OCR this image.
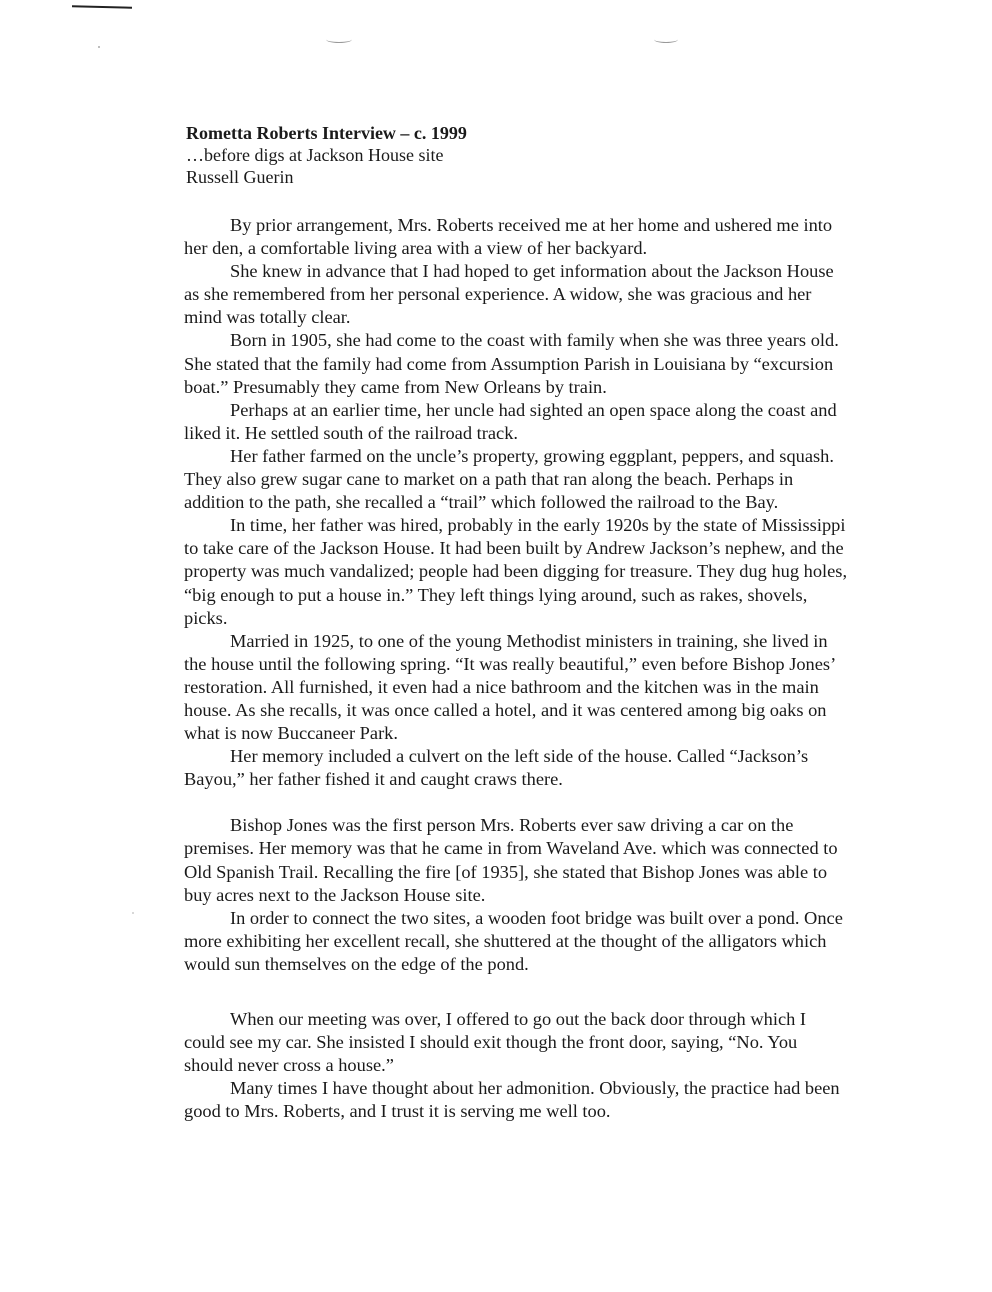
Rometta Roberts Interview – c. 1999
…before digs at Jackson House site
Russell Guerin

By prior arrangement, Mrs. Roberts received me at her home and ushered me into her den, a comfortable living area with a view of her backyard.

She knew in advance that I had hoped to get information about the Jackson House as she remembered from her personal experience. A widow, she was gracious and her mind was totally clear.

Born in 1905, she had come to the coast with family when she was three years old. She stated that the family had come from Assumption Parish in Louisiana by “excursion boat.” Presumably they came from New Orleans by train.

Perhaps at an earlier time, her uncle had sighted an open space along the coast and liked it. He settled south of the railroad track.

Her father farmed on the uncle’s property, growing eggplant, peppers, and squash. They also grew sugar cane to market on a path that ran along the beach. Perhaps in addition to the path, she recalled a “trail” which followed the railroad to the Bay.

In time, her father was hired, probably in the early 1920s by the state of Mississippi to take care of the Jackson House. It had been built by Andrew Jackson’s nephew, and the property was much vandalized; people had been digging for treasure. They dug hug holes, “big enough to put a house in.” They left things lying around, such as rakes, shovels, picks.

Married in 1925, to one of the young Methodist ministers in training, she lived in the house until the following spring. “It was really beautiful,” even before Bishop Jones’ restoration. All furnished, it even had a nice bathroom and the kitchen was in the main house. As she recalls, it was once called a hotel, and it was centered among big oaks on what is now Buccaneer Park.

Her memory included a culvert on the left side of the house. Called “Jackson’s Bayou,” her father fished it and caught craws there.

Bishop Jones was the first person Mrs. Roberts ever saw driving a car on the premises. Her memory was that he came in from Waveland Ave. which was connected to Old Spanish Trail. Recalling the fire [of 1935], she stated that Bishop Jones was able to buy acres next to the Jackson House site.

In order to connect the two sites, a wooden foot bridge was built over a pond. Once more exhibiting her excellent recall, she shuttered at the thought of the alligators which would sun themselves on the edge of the pond.

When our meeting was over, I offered to go out the back door through which I could see my car. She insisted I should exit though the front door, saying, “No. You should never cross a house.”

Many times I have thought about her admonition. Obviously, the practice had been good to Mrs. Roberts, and I trust it is serving me well too.
